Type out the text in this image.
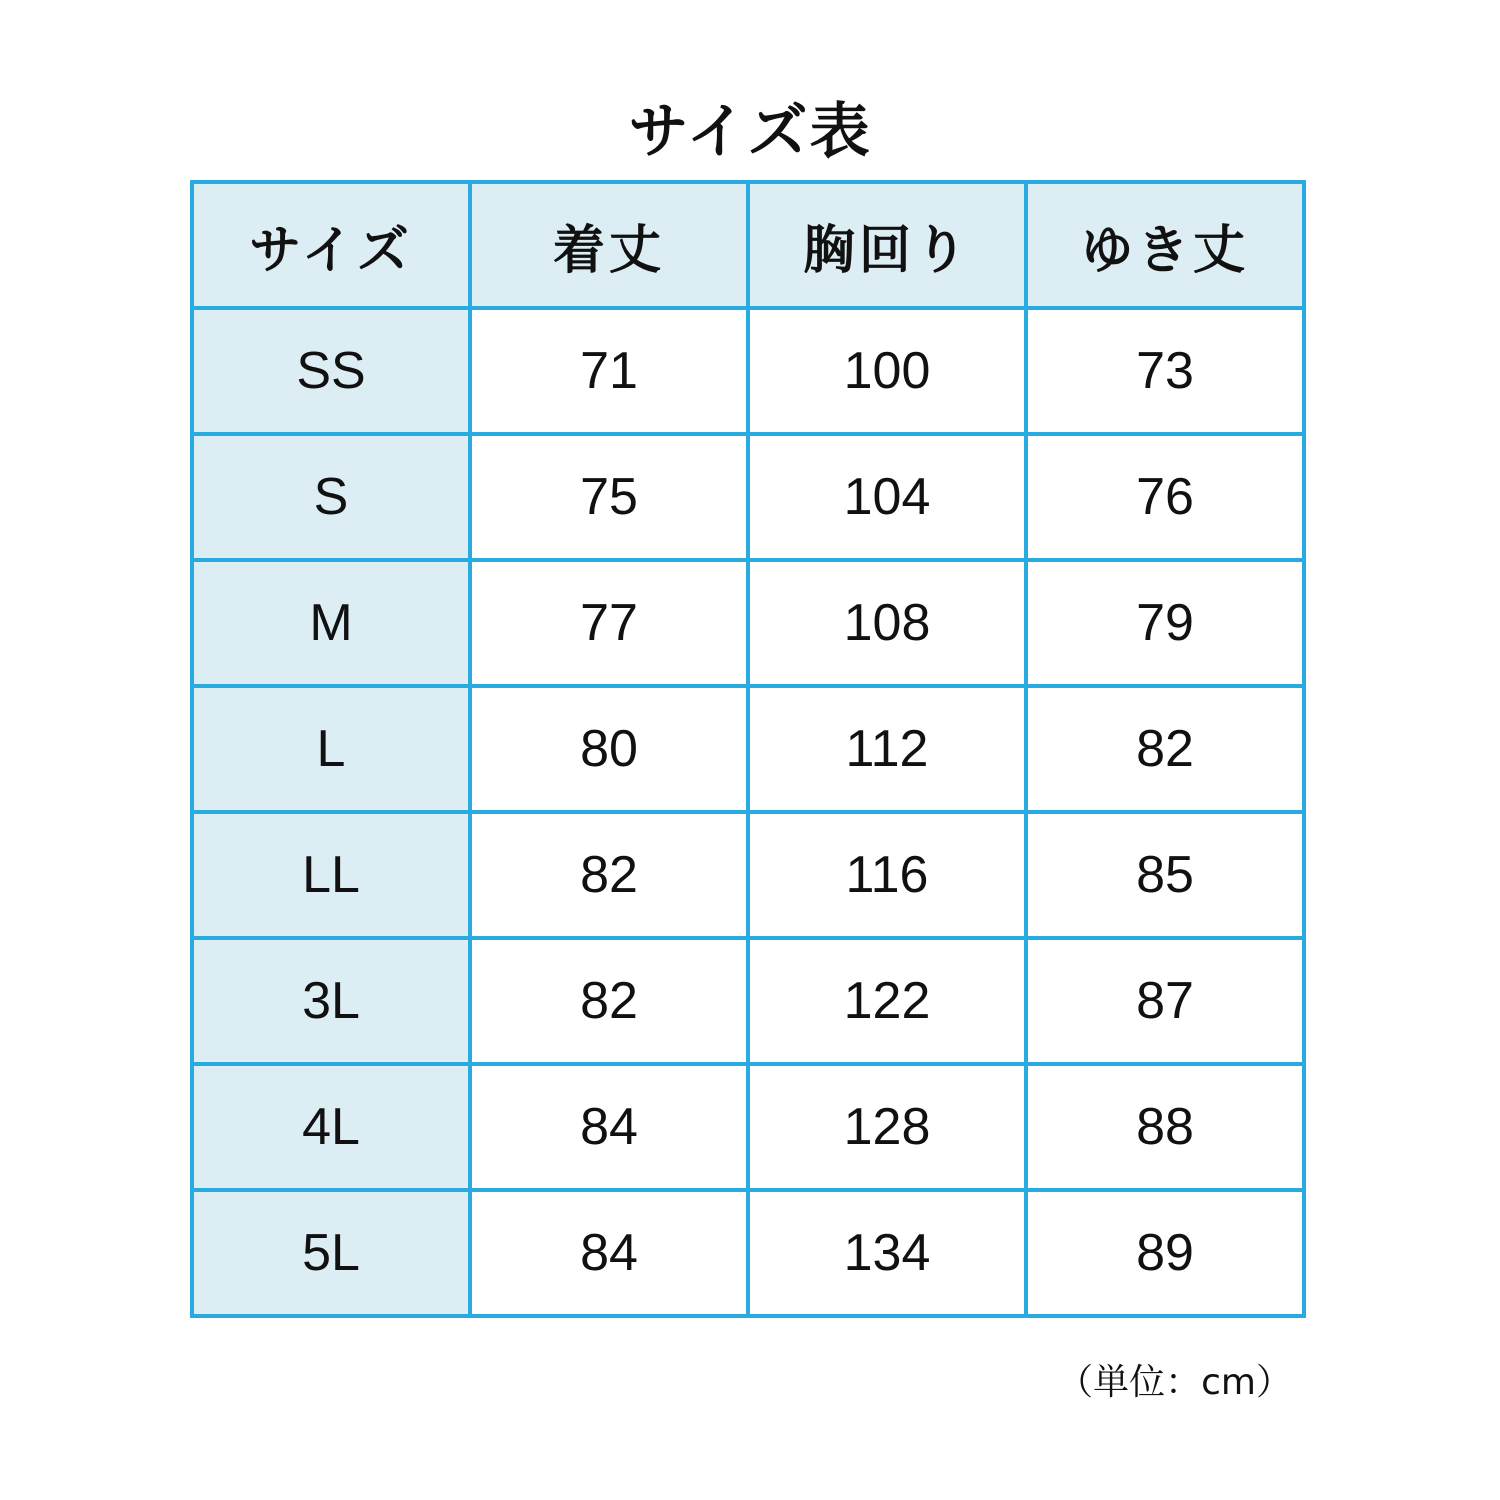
サイズ表
サイズ	着丈	胸回り	ゆき丈
SS	71	100	73
S	75	104	76
M	77	108	79
L	80	112	82
LL	82	116	85
3L	82	122	87
4L	84	128	88
5L	84	134	89
（単位：cm）
